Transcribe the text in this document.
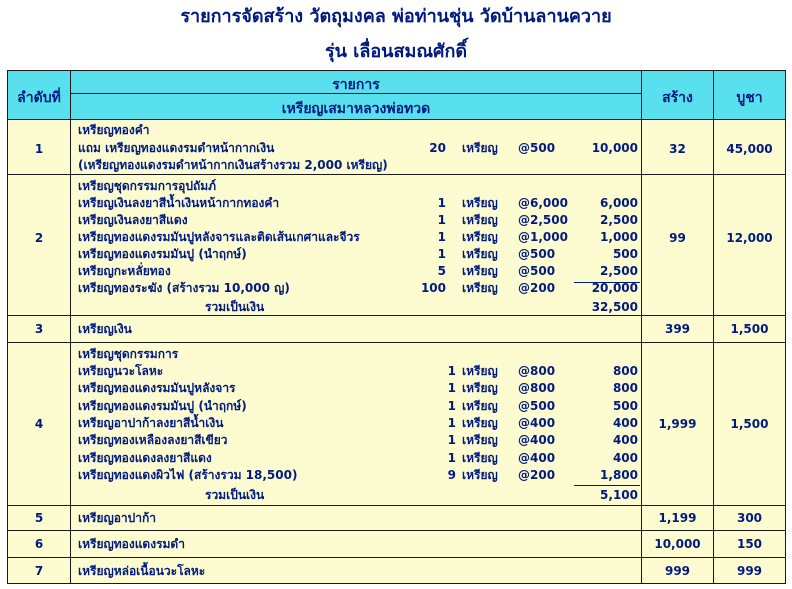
รายการจัดสร้าง วัตถุมงคล พ่อท่านชุ่น วัดบ้านลานควาย
รุ่น เลื่อนสมณศักดิ์
ลำดับที่
รายการ
เหรียญเสมาหลวงพ่อทวด
สร้าง	บูชา
1
เหรียญทองคำ
แถม เหรียญทองแดงรมดำหน้ากากเงิน	20 เหรียญ @500	10,000
(เหรียญทองแดงรมดำหน้ากากเงินสร้างรวม 2,000 เหรียญ)
32	45,000
2
เหรียญชุดกรรมการอุปถัมภ์
เหรียญเงินลงยาสีน้ำเงินหน้ากากทองคำ	1 เหรียญ @6,000	6,000
เหรียญเงินลงยาสีแดง	1 เหรียญ @2,500	2,500
เหรียญทองแดงรมมันปูหลังจารและติดเส้นเกศาและจีวร	1 เหรียญ @1,000	1,000
เหรียญทองแดงรมมันปู (นำฤกษ์)	1 เหรียญ @500	500
เหรียญกะหลั่ยทอง	5 เหรียญ @500	2,500
เหรียญทองระฆัง (สร้างรวม 10,000 ญ)	100 เหรียญ @200	20,000
รวมเป็นเงิน	32,500
99	12,000
3	เหรียญเงิน	399	1,500
4
เหรียญชุดกรรมการ
เหรียญนวะโลหะ	1 เหรียญ @800	800
เหรียญทองแดงรมมันปูหลังจาร	1 เหรียญ @800	800
เหรียญทองแดงรมมันปู (นำฤกษ์)	1 เหรียญ @500	500
เหรียญอาปาก้าลงยาสีน้ำเงิน	1 เหรียญ @400	400
เหรียญทองเหลืองลงยาสีเขียว	1 เหรียญ @400	400
เหรียญทองแดงลงยาสีแดง	1 เหรียญ @400	400
เหรียญทองแดงผิวไฟ (สร้างรวม 18,500)	9 เหรียญ @200	1,800
รวมเป็นเงิน	5,100
1,999	1,500
5	เหรียญอาปาก้า	1,199	300
6	เหรียญทองแดงรมดำ	10,000	150
7	เหรียญหล่อเนื้อนวะโลหะ	999	999
